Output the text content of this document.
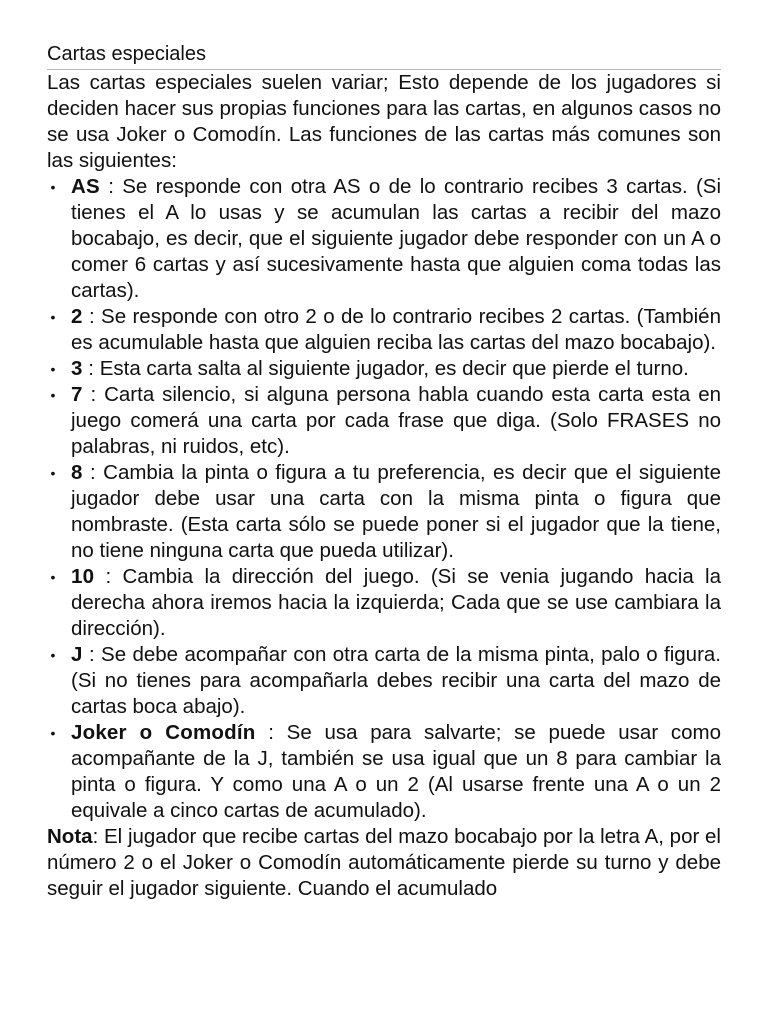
Cartas especiales

Las cartas especiales suelen variar; Esto depende de los jugadores si deciden hacer sus propias funciones para las cartas, en algunos casos no se usa Joker o Comodín. Las funciones de las cartas más comunes son las siguientes:

• AS : Se responde con otra AS o de lo contrario recibes 3 cartas. (Si tienes el A lo usas y se acumulan las cartas a recibir del mazo bocabajo, es decir, que el siguiente jugador debe responder con un A o comer 6 cartas y así sucesivamente hasta que alguien coma todas las cartas).
• 2 : Se responde con otro 2 o de lo contrario recibes 2 cartas. (También es acumulable hasta que alguien reciba las cartas del mazo bocabajo).
• 3 : Esta carta salta al siguiente jugador, es decir que pierde el turno.
• 7 : Carta silencio, si alguna persona habla cuando esta carta esta en juego comerá una carta por cada frase que diga. (Solo FRASES no palabras, ni ruidos, etc).
• 8 : Cambia la pinta o figura a tu preferencia, es decir que el siguiente jugador debe usar una carta con la misma pinta o figura que nombraste. (Esta carta sólo se puede poner si el jugador que la tiene, no tiene ninguna carta que pueda utilizar).
• 10 : Cambia la dirección del juego. (Si se venia jugando hacia la derecha ahora iremos hacia la izquierda; Cada que se use cambiara la dirección).
• J : Se debe acompañar con otra carta de la misma pinta, palo o figura. (Si no tienes para acompañarla debes recibir una carta del mazo de cartas boca abajo).
• Joker o Comodín : Se usa para salvarte; se puede usar como acompañante de la J, también se usa igual que un 8 para cambiar la pinta o figura. Y como una A o un 2 (Al usarse frente una A o un 2 equivale a cinco cartas de acumulado).

Nota: El jugador que recibe cartas del mazo bocabajo por la letra A, por el número 2 o el Joker o Comodín automáticamente pierde su turno y debe seguir el jugador siguiente. Cuando el acumulado
